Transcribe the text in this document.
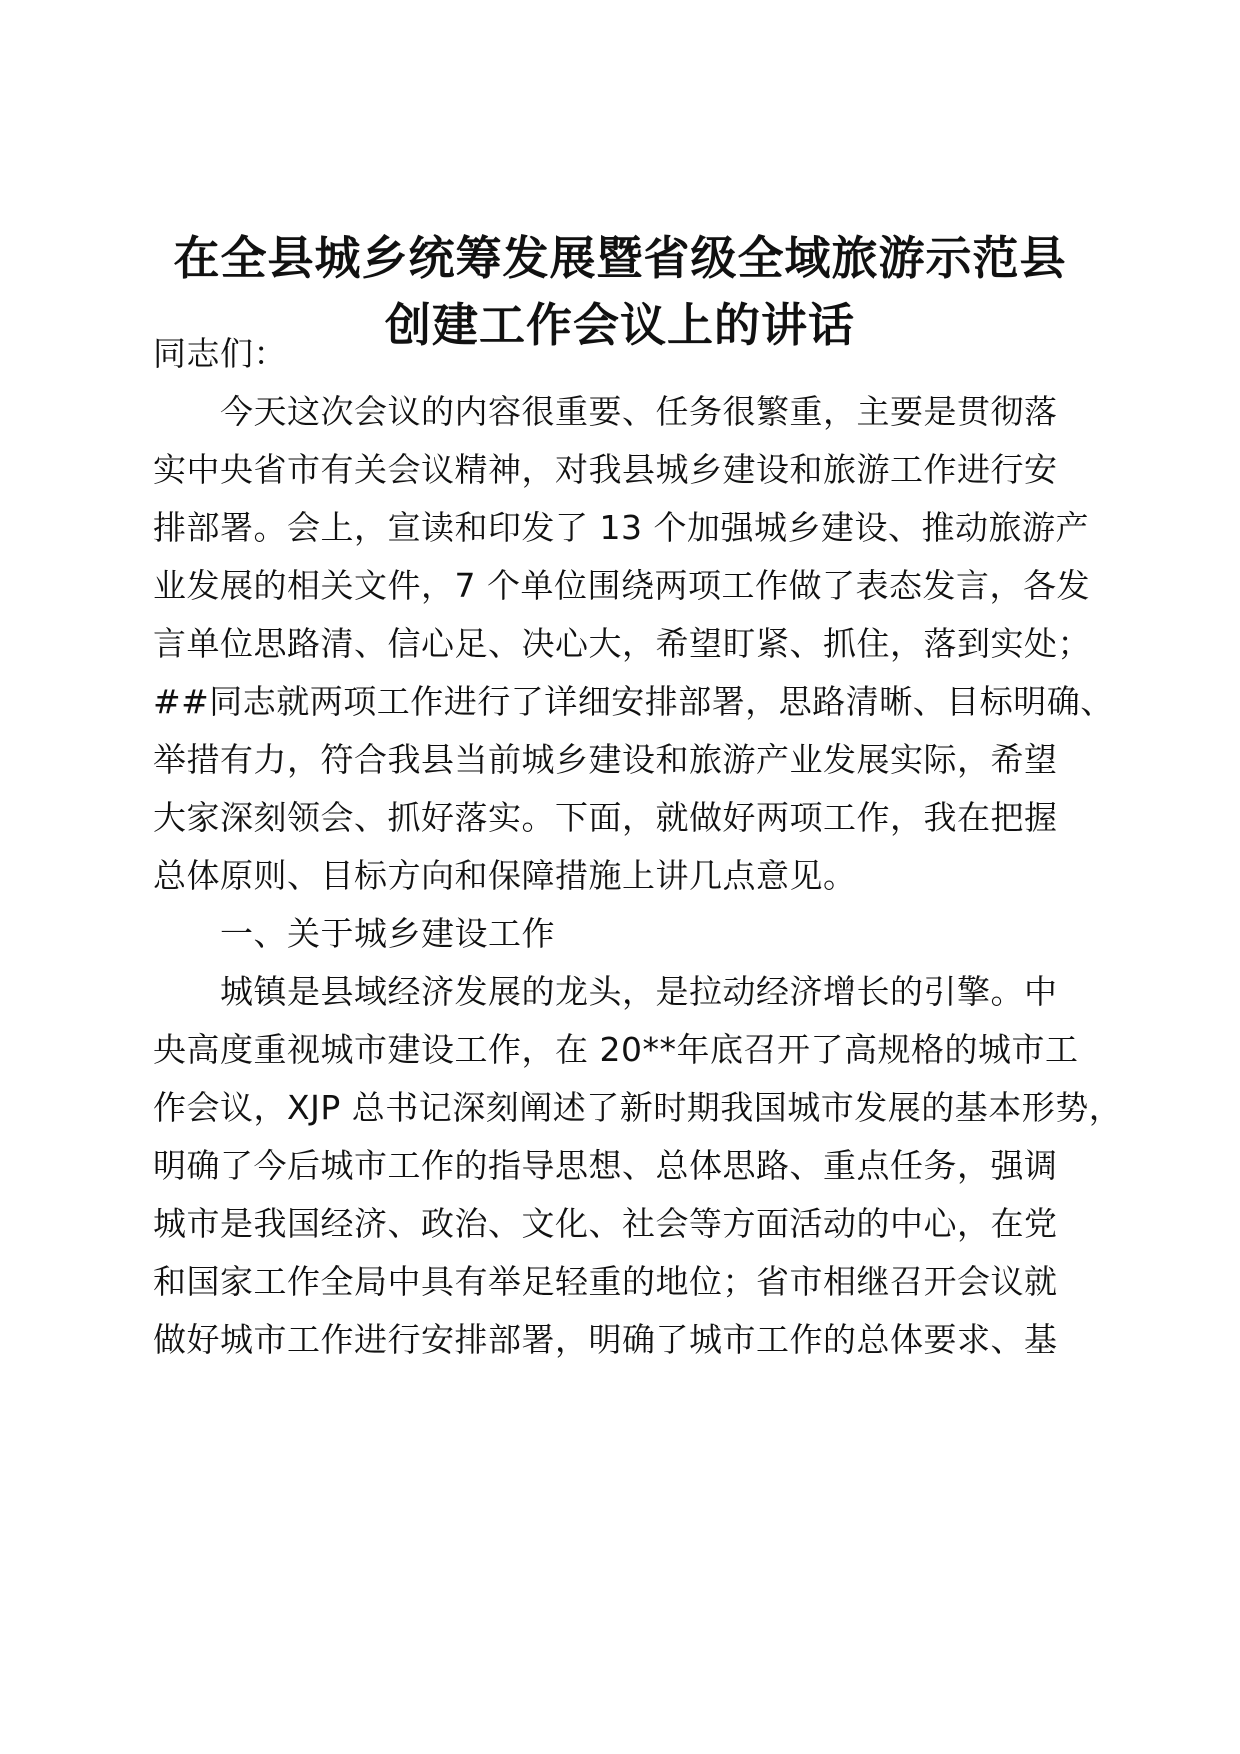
在全县城乡统筹发展暨省级全域旅游示范县
创建工作会议上的讲话
同志们：
今天这次会议的内容很重要、任务很繁重，主要是贯彻落
实中央省市有关会议精神，对我县城乡建设和旅游工作进行安
排部署。会上，宣读和印发了 13 个加强城乡建设、推动旅游产
业发展的相关文件，7 个单位围绕两项工作做了表态发言，各发
言单位思路清、信心足、决心大，希望盯紧、抓住，落到实处；
##同志就两项工作进行了详细安排部署，思路清晰、目标明确、
举措有力，符合我县当前城乡建设和旅游产业发展实际，希望
大家深刻领会、抓好落实。下面，就做好两项工作，我在把握
总体原则、目标方向和保障措施上讲几点意见。
一、关于城乡建设工作
城镇是县域经济发展的龙头，是拉动经济增长的引擎。中
央高度重视城市建设工作，在 20**年底召开了高规格的城市工
作会议，XJP 总书记深刻阐述了新时期我国城市发展的基本形势，
明确了今后城市工作的指导思想、总体思路、重点任务，强调
城市是我国经济、政治、文化、社会等方面活动的中心，在党
和国家工作全局中具有举足轻重的地位；省市相继召开会议就
做好城市工作进行安排部署，明确了城市工作的总体要求、基
